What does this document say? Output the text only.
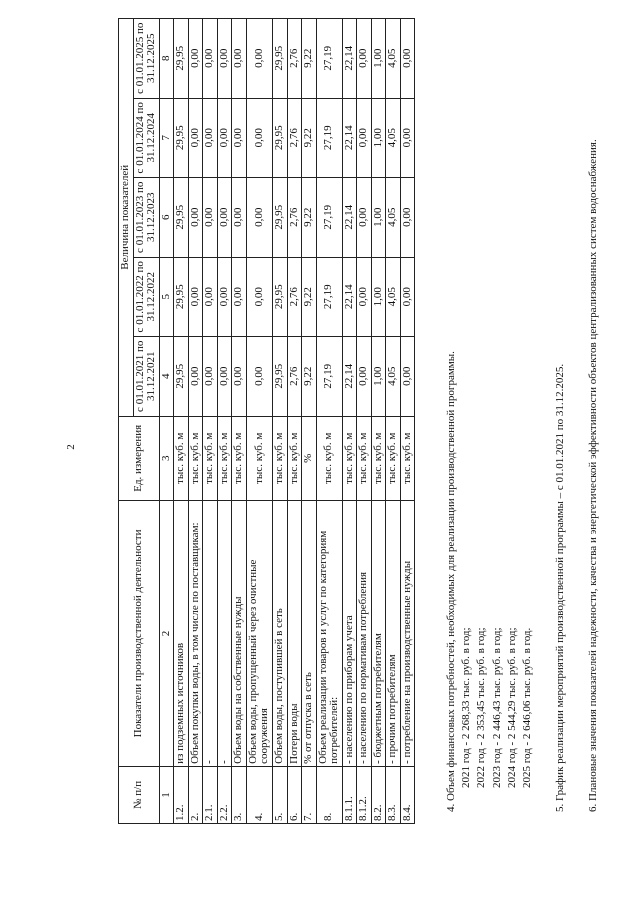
2
№ п/п	Показатели производственной деятельности	Ед. измерения	Величина показателей				
			с 01.01.2021 по 31.12.2021	с 01.01.2022 по 31.12.2022	с 01.01.2023 по 31.12.2023	с 01.01.2024 по 31.12.2024	с 01.01.2025 по 31.12.2025
1	2	3	4	5	6	7	8
1.2.	из подземных источников	тыс. куб. м	29,95	29,95	29,95	29,95	29,95
2.	Объем покупки воды, в том числе по поставщикам:	тыс. куб. м	0,00	0,00	0,00	0,00	0,00
2.1.	-	тыс. куб. м	0,00	0,00	0,00	0,00	0,00
2.2.	-	тыс. куб. м	0,00	0,00	0,00	0,00	0,00
3.	Объем воды на собственные нужды	тыс. куб. м	0,00	0,00	0,00	0,00	0,00
4.	Объем воды, пропущенный через очистные сооружения	тыс. куб. м	0,00	0,00	0,00	0,00	0,00
5.	Объем воды, поступившей в сеть	тыс. куб. м	29,95	29,95	29,95	29,95	29,95
6.	Потери воды	тыс. куб. м	2,76	2,76	2,76	2,76	2,76
7.	% от отпуска в сеть	%	9,22	9,22	9,22	9,22	9,22
8.	Объем реализации товаров и услуг по категориям потребителей:	тыс. куб. м	27,19	27,19	27,19	27,19	27,19
8.1.1.	- населению по приборам учета	тыс. куб. м	22,14	22,14	22,14	22,14	22,14
8.1.2.	- населению по нормативам потребления	тыс. куб. м	0,00	0,00	0,00	0,00	0,00
8.2.	- бюджетным потребителям	тыс. куб. м	1,00	1,00	1,00	1,00	1,00
8.3.	- прочим потребителям	тыс. куб. м	4,05	4,05	4,05	4,05	4,05
8.4.	- потребление на производственные нужды	тыс. куб. м	0,00	0,00	0,00	0,00	0,00

4. Объем финансовых потребностей, необходимых для реализации производственной программы. 2021 год - 2 268,33 тыс. руб. в год; 2022 год - 2 353,45 тыс. руб. в год; 2023 год - 2 446,43 тыс. руб. в год; 2024 год - 2 544,29 тыс. руб. в год; 2025 год - 2 646,06 тыс. руб. в год. 5. График реализации мероприятий производственной программы – с 01.01.2021 по 31.12.2025. 6. Плановые значения показателей надежности, качества и энергетической эффективности объектов централизованных систем водоснабжения.
